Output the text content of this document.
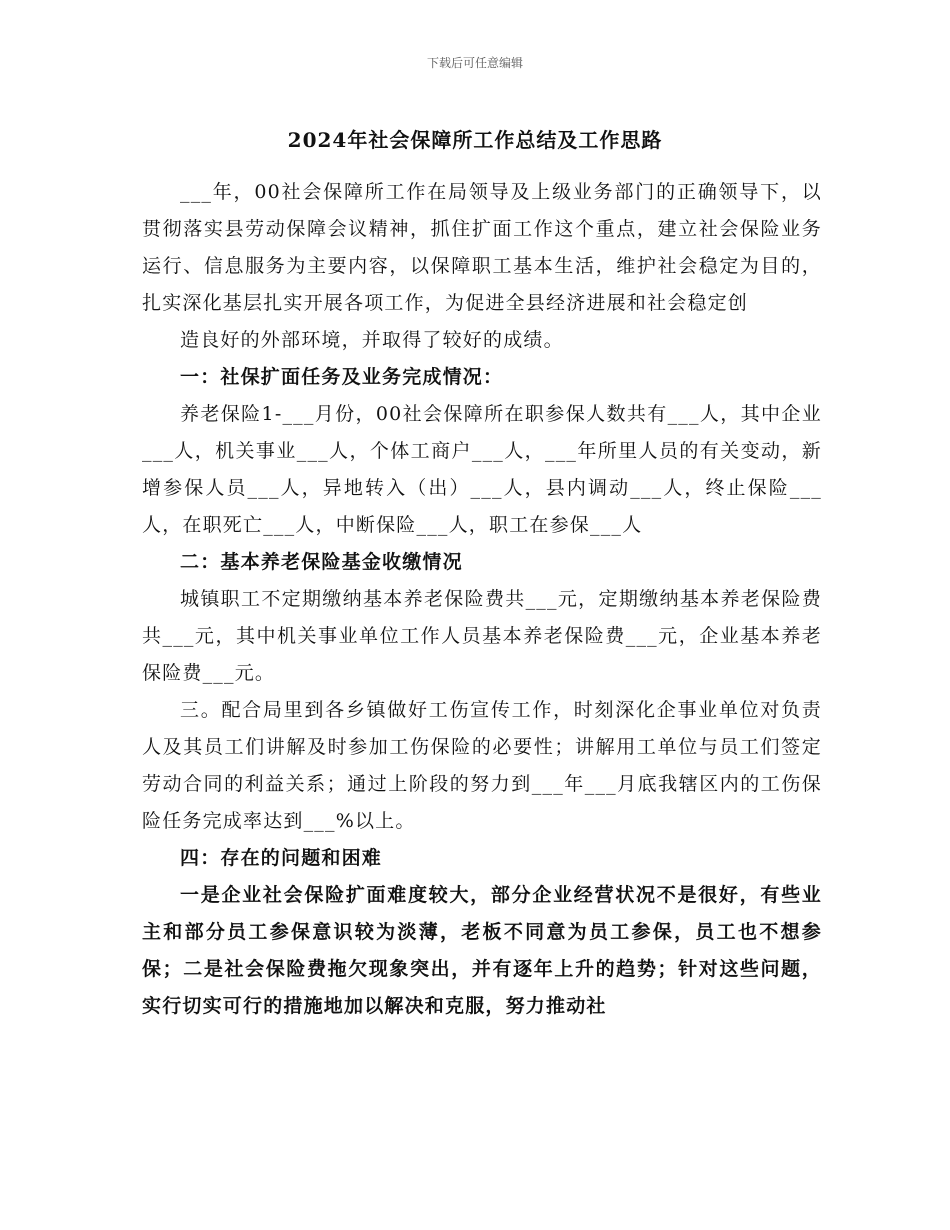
下载后可任意编辑
2024年社会保障所工作总结及工作思路

___年，00社会保障所工作在局领导及上级业务部门的正确领导下，以贯彻落实县劳动保障会议精神，抓住扩面工作这个重点，建立社会保险业务运行、信息服务为主要内容，以保障职工基本生活，维护社会稳定为目的，扎实深化基层扎实开展各项工作，为促进全县经济进展和社会稳定创

造良好的外部环境，并取得了较好的成绩。

一：社保扩面任务及业务完成情况：

养老保险1-___月份，00社会保障所在职参保人数共有___人，其中企业___人，机关事业___人，个体工商户___人，___年所里人员的有关变动，新增参保人员___人，异地转入（出）___人，县内调动___人，终止保险___人，在职死亡___人，中断保险___人，职工在参保___人

二：基本养老保险基金收缴情况

城镇职工不定期缴纳基本养老保险费共___元，定期缴纳基本养老保险费共___元，其中机关事业单位工作人员基本养老保险费___元，企业基本养老保险费___元。

三。配合局里到各乡镇做好工伤宣传工作，时刻深化企事业单位对负责人及其员工们讲解及时参加工伤保险的必要性；讲解用工单位与员工们签定劳动合同的利益关系；通过上阶段的努力到___年___月底我辖区内的工伤保险任务完成率达到___%以上。

四：存在的问题和困难

一是企业社会保险扩面难度较大，部分企业经营状况不是很好，有些业主和部分员工参保意识较为淡薄，老板不同意为员工参保，员工也不想参保；二是社会保险费拖欠现象突出，并有逐年上升的趋势；针对这些问题，实行切实可行的措施地加以解决和克服，努力推动社
